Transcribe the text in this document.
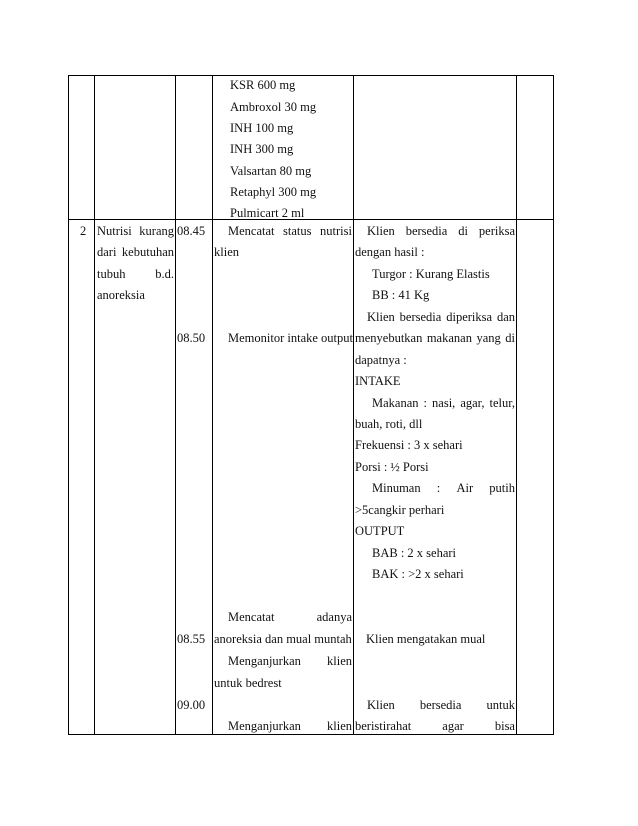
KSR 600 mg
Ambroxol 30 mg
INH 100 mg
INH 300 mg
Valsartan 80 mg
Retaphyl 300 mg
Pulmicart 2 ml
2 Nutrisi kurang
dari kebutuhan
tubuh b.d.
anoreksia
08.45
08.50
08.55
09.00
Mencatat status nutrisi
klien
Memonitor intake output
Mencatat	adanya
anoreksia dan mual muntah
Menganjurkan klien
untuk bedrest
Menganjurkan klien
Klien bersedia di periksa
dengan hasil :
Turgor : Kurang Elastis
BB : 41 Kg
Klien bersedia diperiksa dan
menyebutkan makanan yang di
dapatnya :
INTAKE
Makanan : nasi, agar, telur,
buah, roti, dll
Frekuensi : 3 x sehari
Porsi : ½ Porsi
Minuman : Air putih
>5cangkir perhari
OUTPUT
BAB : 2 x sehari
BAK : >2 x sehari
Klien mengatakan mual
Klien bersedia untuk
beristirahat agar bisa
